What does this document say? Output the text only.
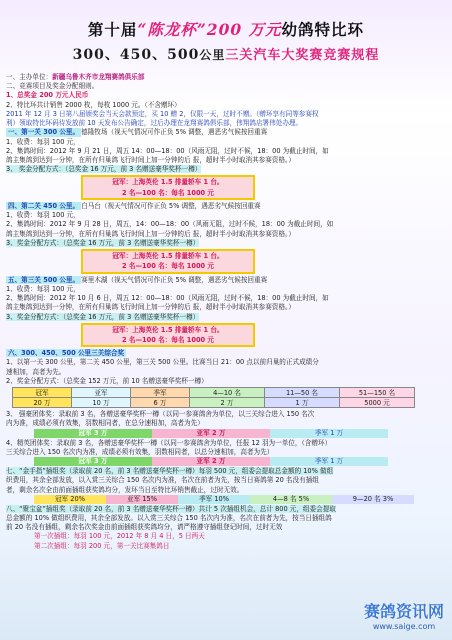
第十届“陈龙杯”200 万元幼鸽特比环
300、450、500公里三关汽车大奖赛竞赛规程
一、主办单位：新疆乌鲁木齐市龙翔赛鸽俱乐部
二、竞赛项目及奖金分配细则。
1、总奖金 200 万元人民币
2、特比环共计销售 2000 枚，每枚 1000 元。（不含赠环）
2011 年 12 月 3 日第八届颁奖会当天会款预定，买 10 赠 2，仅限一天，过时不赠。（赠环享有同等参赛权
利）领取特比环码待发放前 10 天发布公告确定，过后办理在龙翔赛鸽俱乐部，伟翔鸽店署伟处办理。
一、第一关 300 公里。 德隆牧场（视天气情况可作正负 5% 调整，遇恶劣气候按回重赛
1、收费：每羽 100 元，
2、集鸽时间：2012 年 9 月 21 日，周五 14：00—18：00（风雨无阻，过时不候，18：00 为截止时间，如
鸽主集鸽到达到一分钟，在所有归巢鸽飞行时间上加一分钟的后 报，超时半小时取消其参赛资格。）
3、 奖金分配方式：（总奖金 16 万元，前 3 名赠送豪华奖杯一樽）
冠军：上海英伦 1.5 排量轿车 1 台。
2 名—100 名：每名 1000 元
四、第二关 450 公里。 白马台（视天气情况可作正负 5% 调整，遇恶劣气候按回重赛
1、收费：每羽 100 元，
2、集鸽时间：2012 年 9 月 28 日，周五，14：00—18：00（风雨无阻，过时不候，18：00 为截止时间，如
鸽主集鸽到达到一分钟，在所有归巢鸽飞行时间上加一分钟的后 报，超时半小时取消其参赛资格。）
3、奖金分配方式：（总奖金 16 万元，前 3 名赠送豪华奖杯一樽）
冠军：上海英伦 1.5 排量轿车 1 台。
2 名—100 名：每名 1000 元
五、第三关 500 公里。 赛里木湖（视天气情况可作正负 5% 调整，遇恶劣气候按回重赛
1、收费：每羽 100 元，
2、集鸽时间：2012 年 10 月 6 日，周五 12：00—18：00（风雨无阻，过时不候，18：00 为截止时间，如
鸽主集鸽到达到一分钟，在所有归巢鸽飞行时间上加一分钟的后 报，超时半小时取消其参赛资格。）
3、奖金分配方式：（总奖金 16 万元，前 3 名赠送豪华奖杯一樽）
冠军：上海英伦 1.5 排量轿车 1 台。
2 名—100 名：每名 1000 元
六、300、450、500 公里三关综合奖
1、以第一关 300 公里，第二关 450 公里，第三关 500 公里。比赛当日 21：00 点以前归巢的正式成绩分
速相加，高者为先。
2、奖金分配方式：（总奖金 152 万元，前 10 名赠送豪华奖杯一樽）
冠军	亚军	季军	4—10 名	11—50 名	51—150 名
20 万	10 万	6 万	2 万	1 万	5000 元
3、 强豪团体奖：录取前 3 名，各赠送豪华奖杯一樽（以同一参赛鸽舍为单位，以三关综合进入 150 名次
内为准，成绩必须有效集，羽数相同者，在总分速相加，高者为先）
冠军 3 万	亚军 2 万	季军 1 万
4、精英团体奖：录取前 3 名，各赠送豪华奖杯一樽（以同一参赛鸽舍为单位，任报 12 羽为一单位，（含赠环）
三关综合进入 150 名次内为准，成绩必须有效集，羽数相同者，以总分速相加，高者为先）
冠军 3 万	亚军 2 万	季军 1 万
七、“金手指”插组奖（录取前 20 名，前 3 名赠送豪华奖杯一樽）每羽 500 元，组委会提取总金额的 10% 做组
织费用，其余全部发放，以入赏三关综合 150 名次内为准，名次在前者为先，按当日赛鸽第 20 名没有插组
者，剩余名次全由前面插组获奖鸽均分，发环当日至特比环销售截止，过时无效。
冠军 20%	亚军 15%	季军 10%	4—8 名 5%	9—20 名 3%
八、“聚宝盆”插组奖（录取前 20 名，前 3 名赠送豪华奖杯一樽）共计 5 次插组机会，总计 800 元，组委会提取
总金额的 10% 做组织费用，其余全部发放。以入赏三关综合 150 名次内为准，名次在前者为先，按当日插组鸽
前 20 名没有插组，剩余名次奖金由前面插组获奖鸽均分，请严格遵守插组登记时间，过时无效
第一次插组：每羽 100 元，2012 年 8 月 4 日，5 日两天
第二次插组：每羽 200 元，第一关比赛集鸽日
赛鸽资讯网
www.saige.com
